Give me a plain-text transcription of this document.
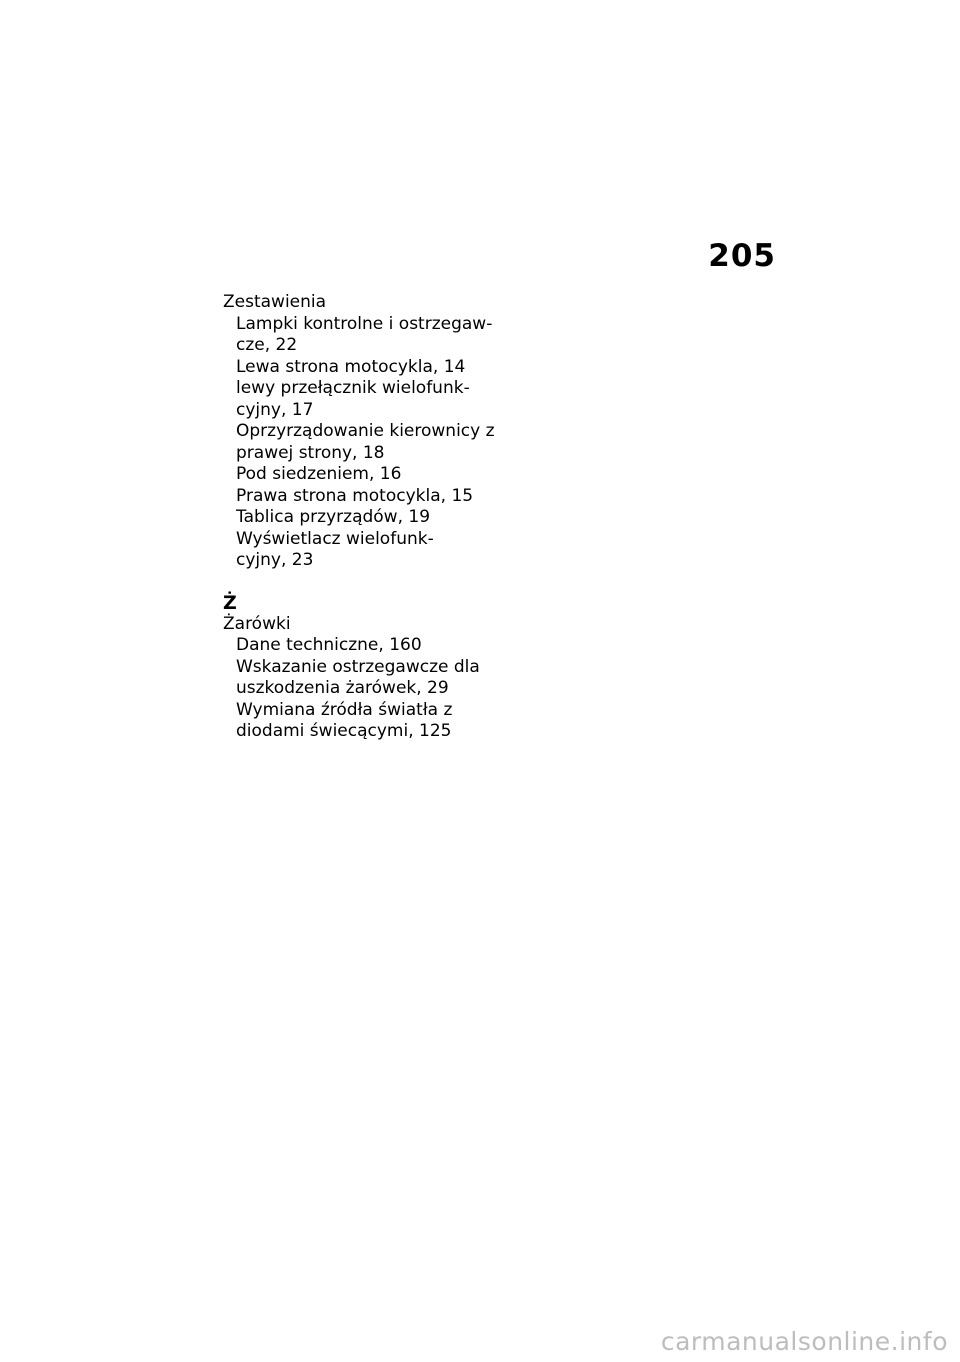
205
Zestawienia
Lampki kontrolne i ostrzegaw-
cze, 22
Lewa strona motocykla, 14
lewy przełącznik wielofunk-
cyjny, 17
Oprzyrządowanie kierownicy z
prawej strony, 18
Pod siedzeniem, 16
Prawa strona motocykla, 15
Tablica przyrządów, 19
Wyświetlacz wielofunk-
cyjny, 23
Ż
Żarówki
Dane techniczne, 160
Wskazanie ostrzegawcze dla
uszkodzenia żarówek, 29
Wymiana źródła światła z
diodami świecącymi, 125
carmanualsonline.info
